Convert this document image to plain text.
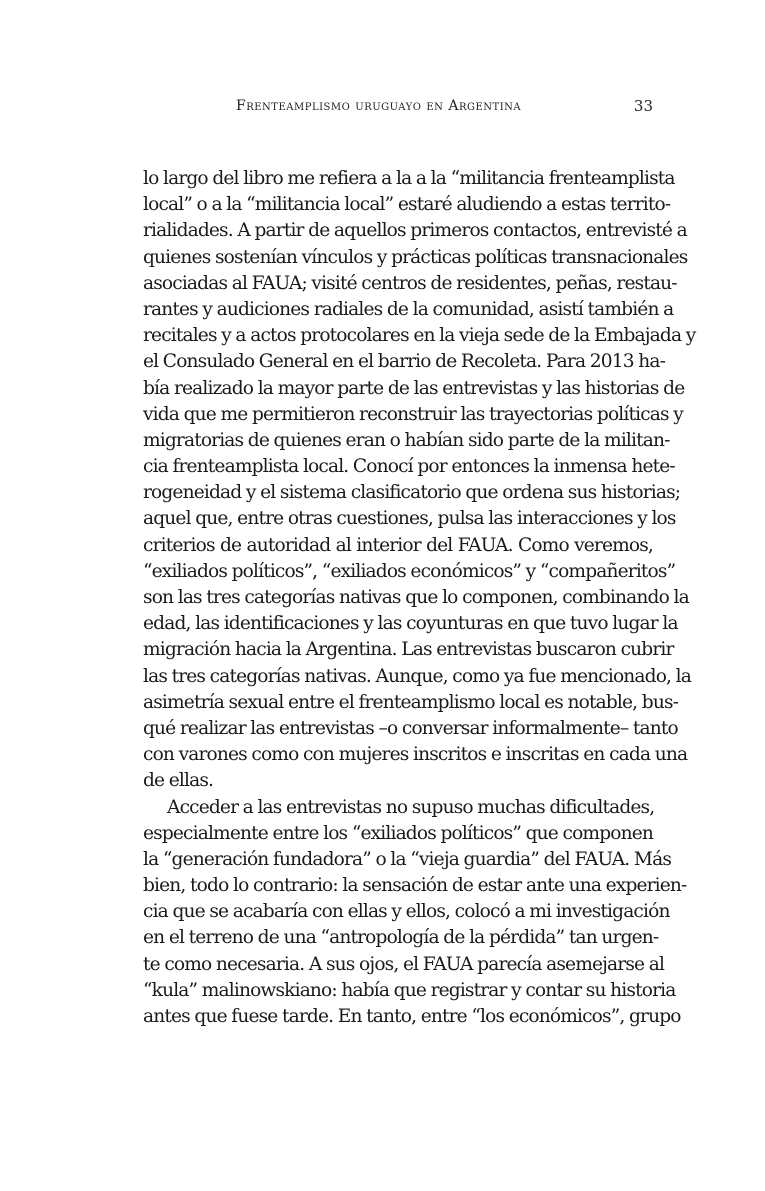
Frenteamplismo uruguayo en Argentina	33
lo largo del libro me refiera a la a la “militancia frenteamplista
local” o a la “militancia local” estaré aludiendo a estas territo-
rialidades. A partir de aquellos primeros contactos, entrevisté a
quienes sostenían vínculos y prácticas políticas transnacionales
asociadas al FAUA; visité centros de residentes, peñas, restau-
rantes y audiciones radiales de la comunidad, asistí también a
recitales y a actos protocolares en la vieja sede de la Embajada y
el Consulado General en el barrio de Recoleta. Para 2013 ha-
bía realizado la mayor parte de las entrevistas y las historias de
vida que me permitieron reconstruir las trayectorias políticas y
migratorias de quienes eran o habían sido parte de la militan-
cia frenteamplista local. Conocí por entonces la inmensa hete-
rogeneidad y el sistema clasificatorio que ordena sus historias;
aquel que, entre otras cuestiones, pulsa las interacciones y los
criterios de autoridad al interior del FAUA. Como veremos,
“exiliados políticos”, “exiliados económicos” y “compañeritos”
son las tres categorías nativas que lo componen, combinando la
edad, las identificaciones y las coyunturas en que tuvo lugar la
migración hacia la Argentina. Las entrevistas buscaron cubrir
las tres categorías nativas. Aunque, como ya fue mencionado, la
asimetría sexual entre el frenteamplismo local es notable, bus-
qué realizar las entrevistas –o conversar informalmente– tanto
con varones como con mujeres inscritos e inscritas en cada una
de ellas.
Acceder a las entrevistas no supuso muchas dificultades,
especialmente entre los “exiliados políticos” que componen
la “generación fundadora” o la “vieja guardia” del FAUA. Más
bien, todo lo contrario: la sensación de estar ante una experien-
cia que se acabaría con ellas y ellos, colocó a mi investigación
en el terreno de una “antropología de la pérdida” tan urgen-
te como necesaria. A sus ojos, el FAUA parecía asemejarse al
“kula” malinowskiano: había que registrar y contar su historia
antes que fuese tarde. En tanto, entre “los económicos”, grupo
